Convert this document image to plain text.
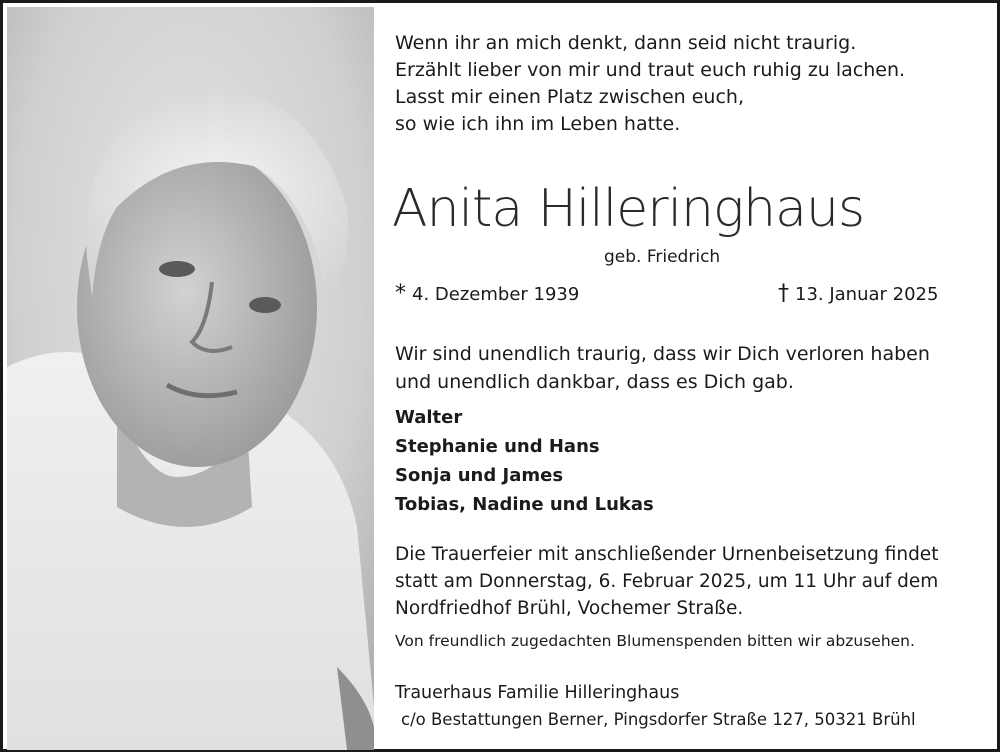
Wenn ihr an mich denkt, dann seid nicht traurig.
Erzählt lieber von mir und traut euch ruhig zu lachen.
Lasst mir einen Platz zwischen euch,
so wie ich ihn im Leben hatte.
Anita Hilleringhaus
geb. Friedrich
* 4. Dezember 1939	† 13. Januar 2025
Wir sind unendlich traurig, dass wir Dich verloren haben
und unendlich dankbar, dass es Dich gab.
Walter
Stephanie und Hans
Sonja und James
Tobias, Nadine und Lukas
Die Trauerfeier mit anschließender Urnenbeisetzung findet
statt am Donnerstag, 6. Februar 2025, um 11 Uhr auf dem
Nordfriedhof Brühl, Vochemer Straße.
Von freundlich zugedachten Blumenspenden bitten wir abzusehen.
Trauerhaus Familie Hilleringhaus
c/o Bestattungen Berner, Pingsdorfer Straße 127, 50321 Brühl
